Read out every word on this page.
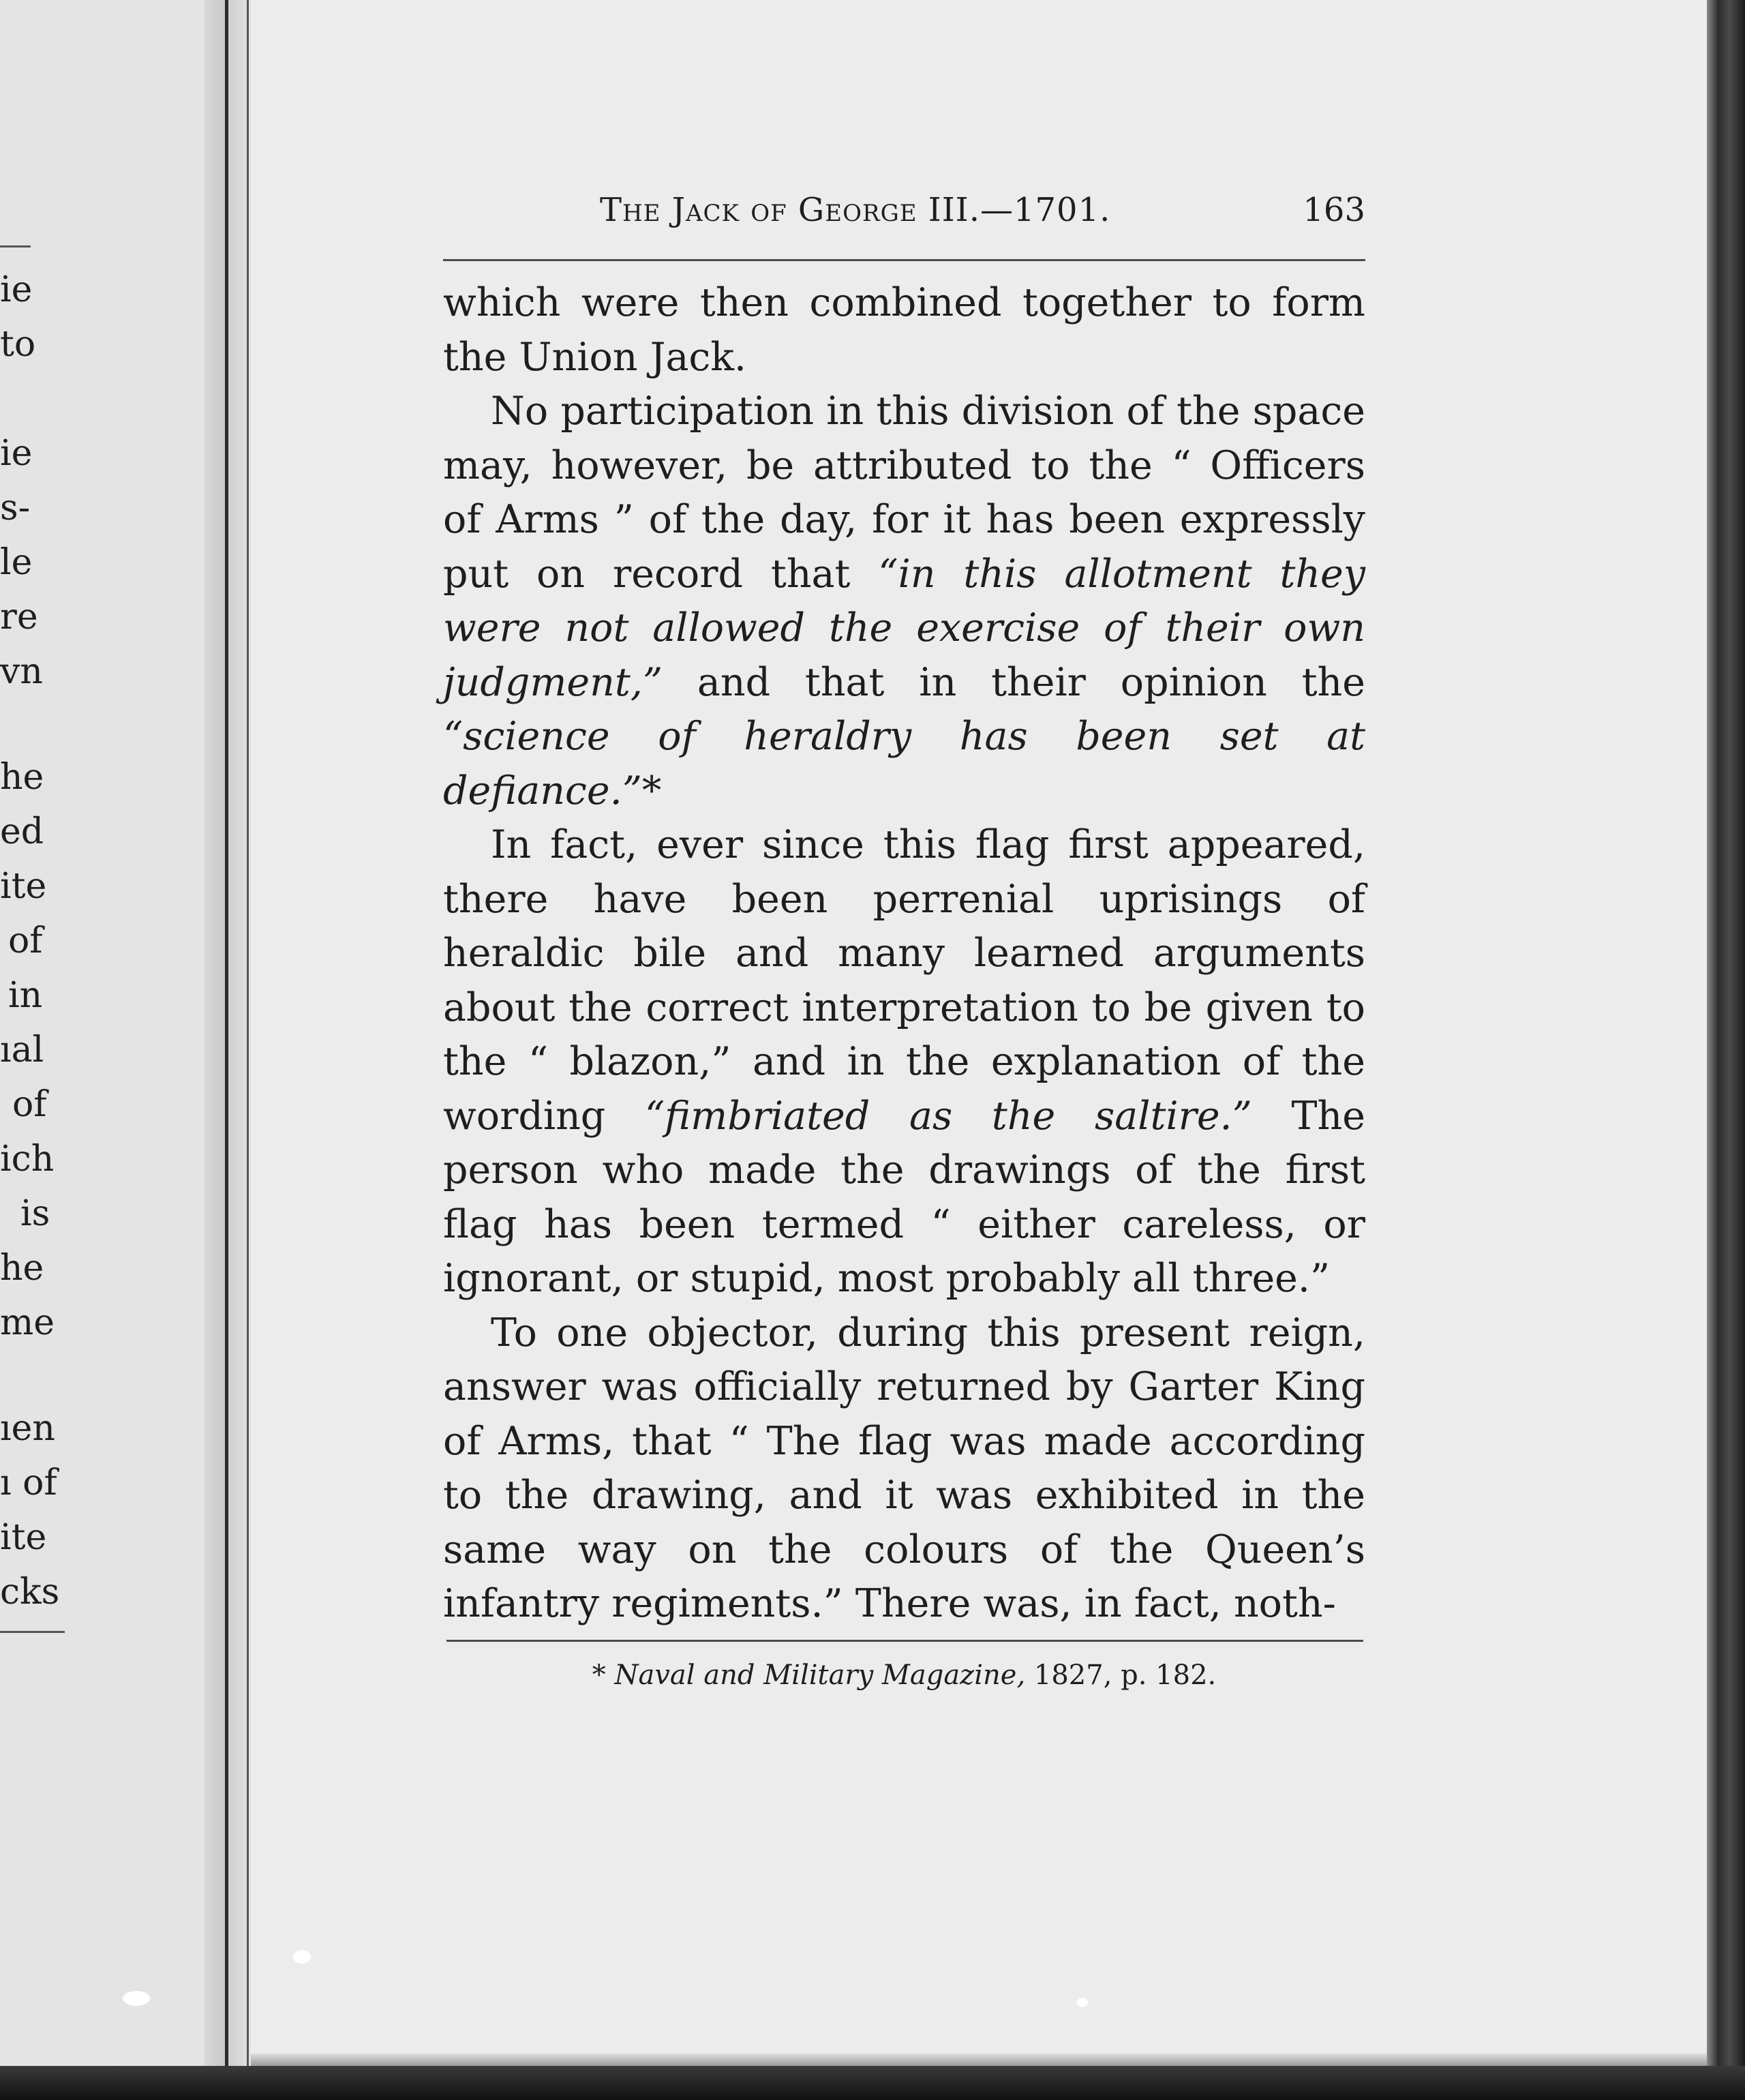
ie
to
ie
s-
le
re
vn
he
ed
ite
of
in
ıal
of
ich
is
he
me
ıen
ı of
ite
cks
The Jack of George III.—1701.	163

which were then combined together to form the Union Jack.

No participation in this division of the space may, however, be attributed to the “ Officers of Arms ” of the day, for it has been expressly put on record that “in this allotment they were not allowed the exercise of their own judgment,” and that in their opinion the “science of heraldry has been set at defiance.”*

In fact, ever since this flag first appeared, there have been perrenial uprisings of heraldic bile and many learned arguments about the correct interpretation to be given to the “ blazon,” and in the explanation of the wording “fimbriated as the saltire.” The person who made the drawings of the first flag has been termed “ either careless, or ignorant, or stupid, most probably all three.”

To one objector, during this present reign, answer was officially returned by Garter King of Arms, that “ The flag was made according to the drawing, and it was exhibited in the same way on the colours of the Queen’s infantry regiments.” There was, in fact, noth-

* Naval and Military Magazine, 1827, p. 182.
